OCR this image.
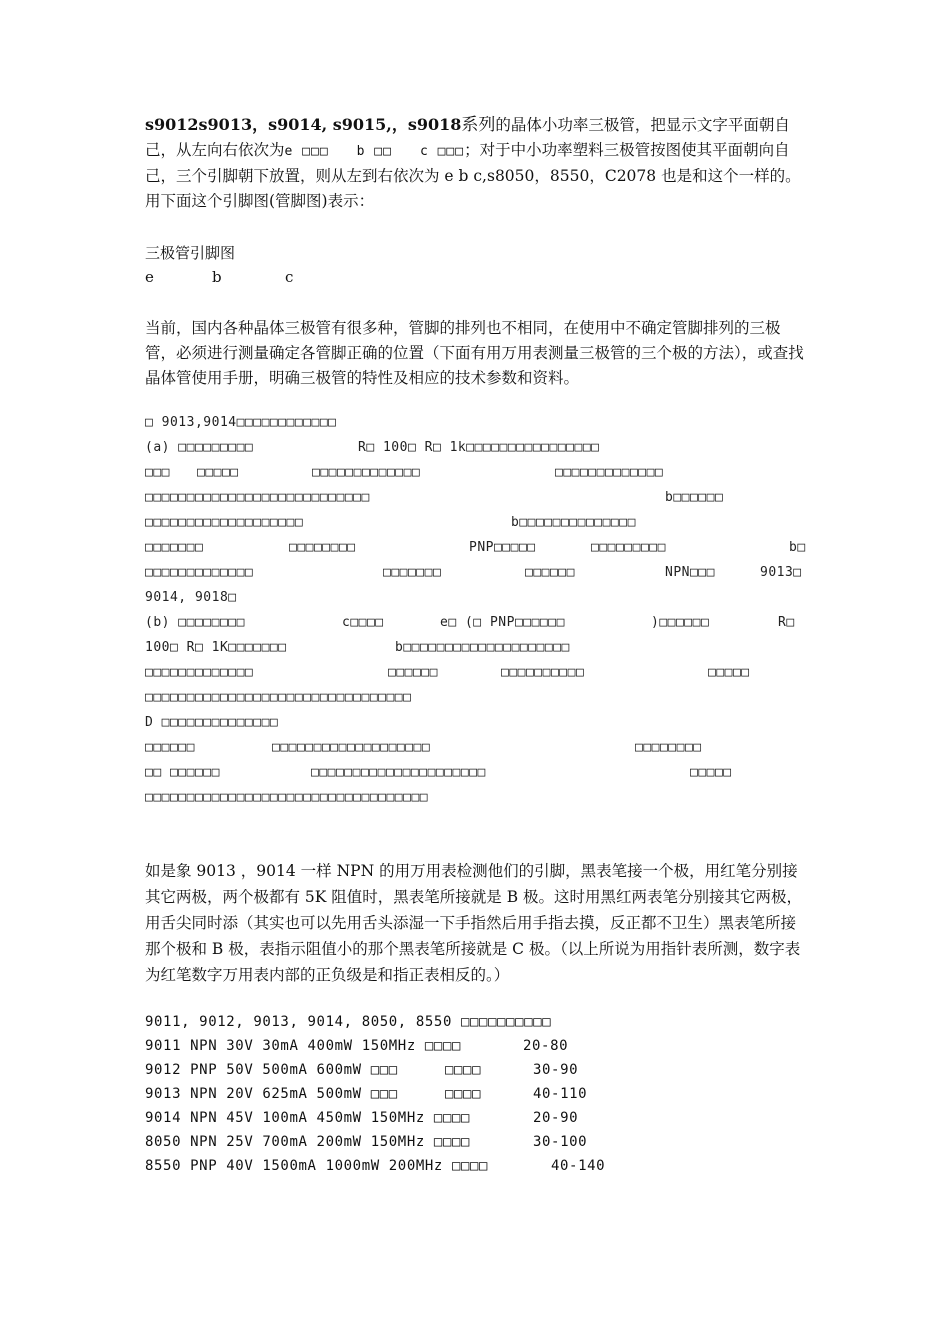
s9012s9013，s9014, s9015,，s9018系列的晶体小功率三极管，把显示文字平面朝自己，从左向右依次为e □□□　　b □□　　c □□□；对于中小功率塑料三极管按图使其平面朝向自己，三个引脚朝下放置，则从左到右依次为 e b c,s8050，8550，C2078 也是和这个一样的。用下面这个引脚图(管脚图)表示：
三极管引脚图
e	b	c
当前，国内各种晶体三极管有很多种，管脚的排列也不相同，在使用中不确定管脚排列的三极管，必须进行测量确定各管脚正确的位置（下面有用万用表测量三极管的三个极的方法），或查找晶体管使用手册，明确三极管的特性及相应的技术参数和资料。
□ 9013,9014□□□□□□□□□□□□
(a) □□□□□□□□□	R□ 100□ R□ 1k□□□□□□□□□□□□□□□□
□□□ □□□□□	□□□□□□□□□□□□□	□□□□□□□□□□□□□
□□□□□□□□□□□□□□□□□□□□□□□□□□□	b□□□□□□
□□□□□□□□□□□□□□□□□□□	b□□□□□□□□□□□□□□
□□□□□□□	□□□□□□□□	PNP□□□□□	□□□□□□□□□	b□
□□□□□□□□□□□□□	□□□□□□□	□□□□□□	NPN□□□	9013□
9014, 9018□
(b) □□□□□□□□	c□□□□	e□ (□ PNP□□□□□□	)□□□□□□	R□
100□ R□ 1K□□□□□□□	b□□□□□□□□□□□□□□□□□□□□
□□□□□□□□□□□□□	□□□□□□	□□□□□□□□□□	□□□□□
□□□□□□□□□□□□□□□□□□□□□□□□□□□□□□□□
D □□□□□□□□□□□□□□
□□□□□□	□□□□□□□□□□□□□□□□□□□	□□□□□□□□
□□ □□□□□□	□□□□□□□□□□□□□□□□□□□□□	□□□□□
□□□□□□□□□□□□□□□□□□□□□□□□□□□□□□□□□□
如是象 9013 ，9014 一样 NPN 的用万用表检测他们的引脚，黑表笔接一个极，用红笔分别接其它两极，两个极都有 5K 阻值时，黑表笔所接就是 B 极。这时用黑红两表笔分别接其它两极，用舌尖同时添（其实也可以先用舌头添湿一下手指然后用手指去摸，反正都不卫生）黑表笔所接那个极和 B 极，表指示阻值小的那个黑表笔所接就是 C 极。（以上所说为用指针表所测，数字表为红笔数字万用表内部的正负级是和指正表相反的。）
9011, 9012, 9013, 9014, 8050, 8550 □□□□□□□□□□
9011 NPN 30V 30mA 400mW 150MHz □□□□	20-80
9012 PNP 50V 500mA 600mW □□□	□□□□	30-90
9013 NPN 20V 625mA 500mW □□□	□□□□	40-110
9014 NPN 45V 100mA 450mW 150MHz □□□□	20-90
8050 NPN 25V 700mA 200mW 150MHz □□□□	30-100
8550 PNP 40V 1500mA 1000mW 200MHz □□□□	40-140
